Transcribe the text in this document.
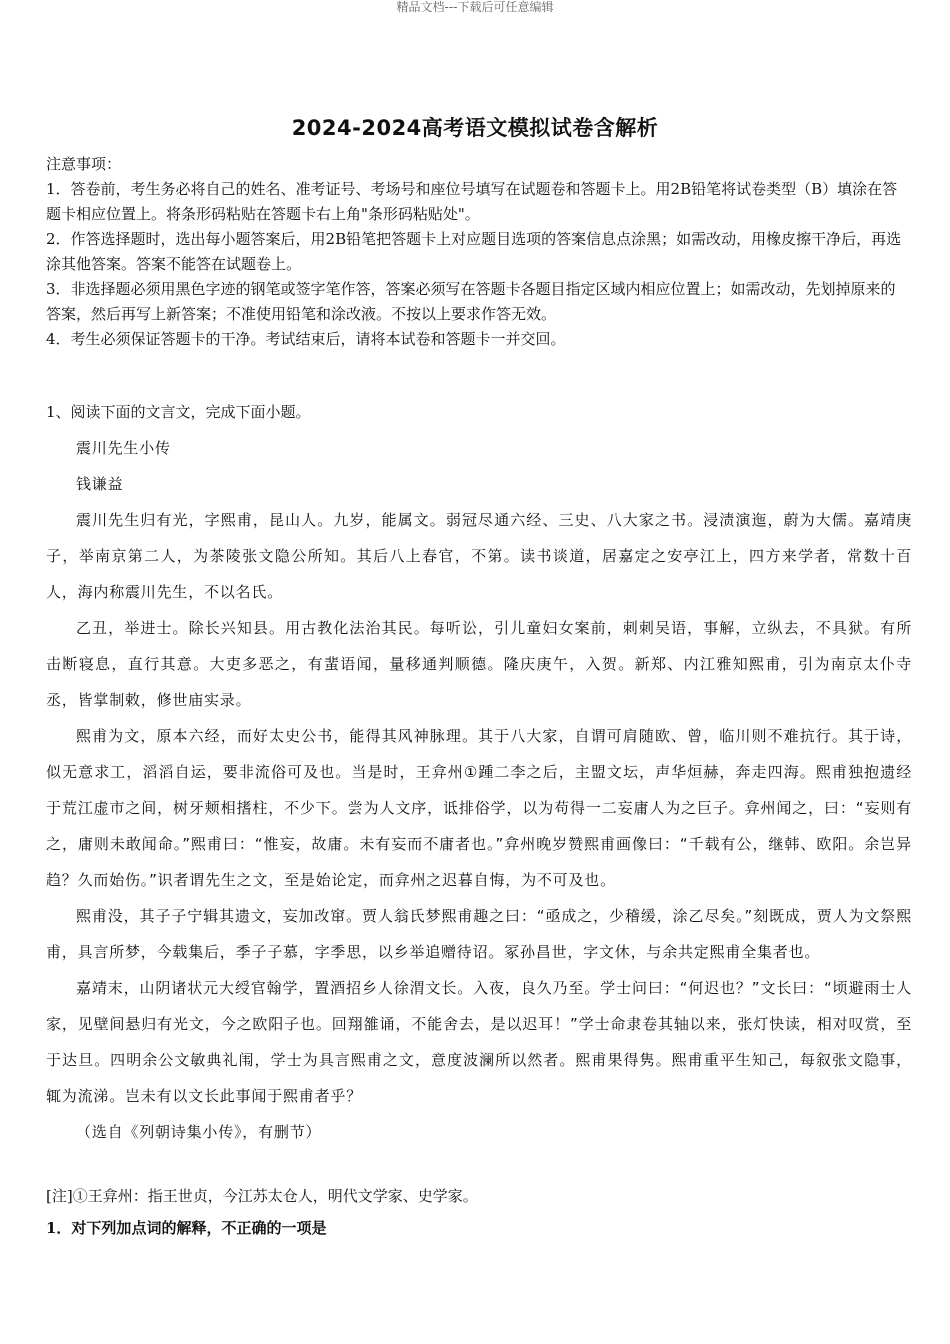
精品文档---下载后可任意编辑
2024-2024高考语文模拟试卷含解析

注意事项：

1．答卷前，考生务必将自己的姓名、准考证号、考场号和座位号填写在试题卷和答题卡上。用2B铅笔将试卷类型（B）填涂在答题卡相应位置上。将条形码粘贴在答题卡右上角"条形码粘贴处"。

2．作答选择题时，选出每小题答案后，用2B铅笔把答题卡上对应题目选项的答案信息点涂黑；如需改动，用橡皮擦干净后，再选涂其他答案。答案不能答在试题卷上。

3．非选择题必须用黑色字迹的钢笔或签字笔作答，答案必须写在答题卡各题目指定区域内相应位置上；如需改动，先划掉原来的答案，然后再写上新答案；不准使用铅笔和涂改液。不按以上要求作答无效。

4．考生必须保证答题卡的干净。考试结束后，请将本试卷和答题卡一并交回。

1、阅读下面的文言文，完成下面小题。

震川先生小传

钱谦益

震川先生归有光，字熙甫，昆山人。九岁，能属文。弱冠尽通六经、三史、八大家之书。浸渍演迤，蔚为大儒。嘉靖庚子，举南京第二人，为茶陵张文隐公所知。其后八上春官，不第。读书谈道，居嘉定之安亭江上，四方来学者，常数十百人，海内称震川先生，不以名氏。

乙丑，举进士。除长兴知县。用古教化法治其民。每听讼，引儿童妇女案前，刺刺吴语，事解，立纵去，不具狱。有所击断寝息，直行其意。大吏多恶之，有蜚语闻，量移通判顺德。隆庆庚午，入贺。新郑、内江雅知熙甫，引为南京太仆寺丞，皆掌制敕，修世庙实录。

熙甫为文，原本六经，而好太史公书，能得其风神脉理。其于八大家，自谓可肩随欧、曾，临川则不难抗行。其于诗，似无意求工，滔滔自运，要非流俗可及也。当是时，王弇州①踵二李之后，主盟文坛，声华烜赫，奔走四海。熙甫独抱遗经于荒江虚市之间，树牙颊相搘柱，不少下。尝为人文序，诋排俗学，以为苟得一二妄庸人为之巨子。弇州闻之，曰：“妄则有之，庸则未敢闻命。”熙甫曰：“惟妄，故庸。未有妄而不庸者也。”弇州晚岁赞熙甫画像曰：“千载有公，继韩、欧阳。余岂异趋？久而始伤。”识者谓先生之文，至是始论定，而弇州之迟暮自悔，为不可及也。

熙甫没，其子子宁辑其遗文，妄加改窜。贾人翁氏梦熙甫趣之曰：“亟成之，少稽缓，涂乙尽矣。”刻既成，贾人为文祭熙甫，具言所梦，今载集后，季子子慕，字季思，以乡举追赠待诏。冢孙昌世，字文休，与余共定熙甫全集者也。

嘉靖末，山阴诸状元大绶官翰学，置酒招乡人徐渭文长。入夜，良久乃至。学士问曰：“何迟也？”文长曰：“顷避雨士人家，见壁间悬归有光文，今之欧阳子也。回翔雒诵，不能舍去，是以迟耳！”学士命隶卷其轴以来，张灯快读，相对叹赏，至于达旦。四明余公文敏典礼闱，学士为具言熙甫之文，意度波澜所以然者。熙甫果得隽。熙甫重平生知己，每叙张文隐事，辄为流涕。岂未有以文长此事闻于熙甫者乎？

（选自《列朝诗集小传》，有删节）

[注]①王弇州：指王世贞，今江苏太仓人，明代文学家、史学家。

1．对下列加点词的解释，不正确的一项是
